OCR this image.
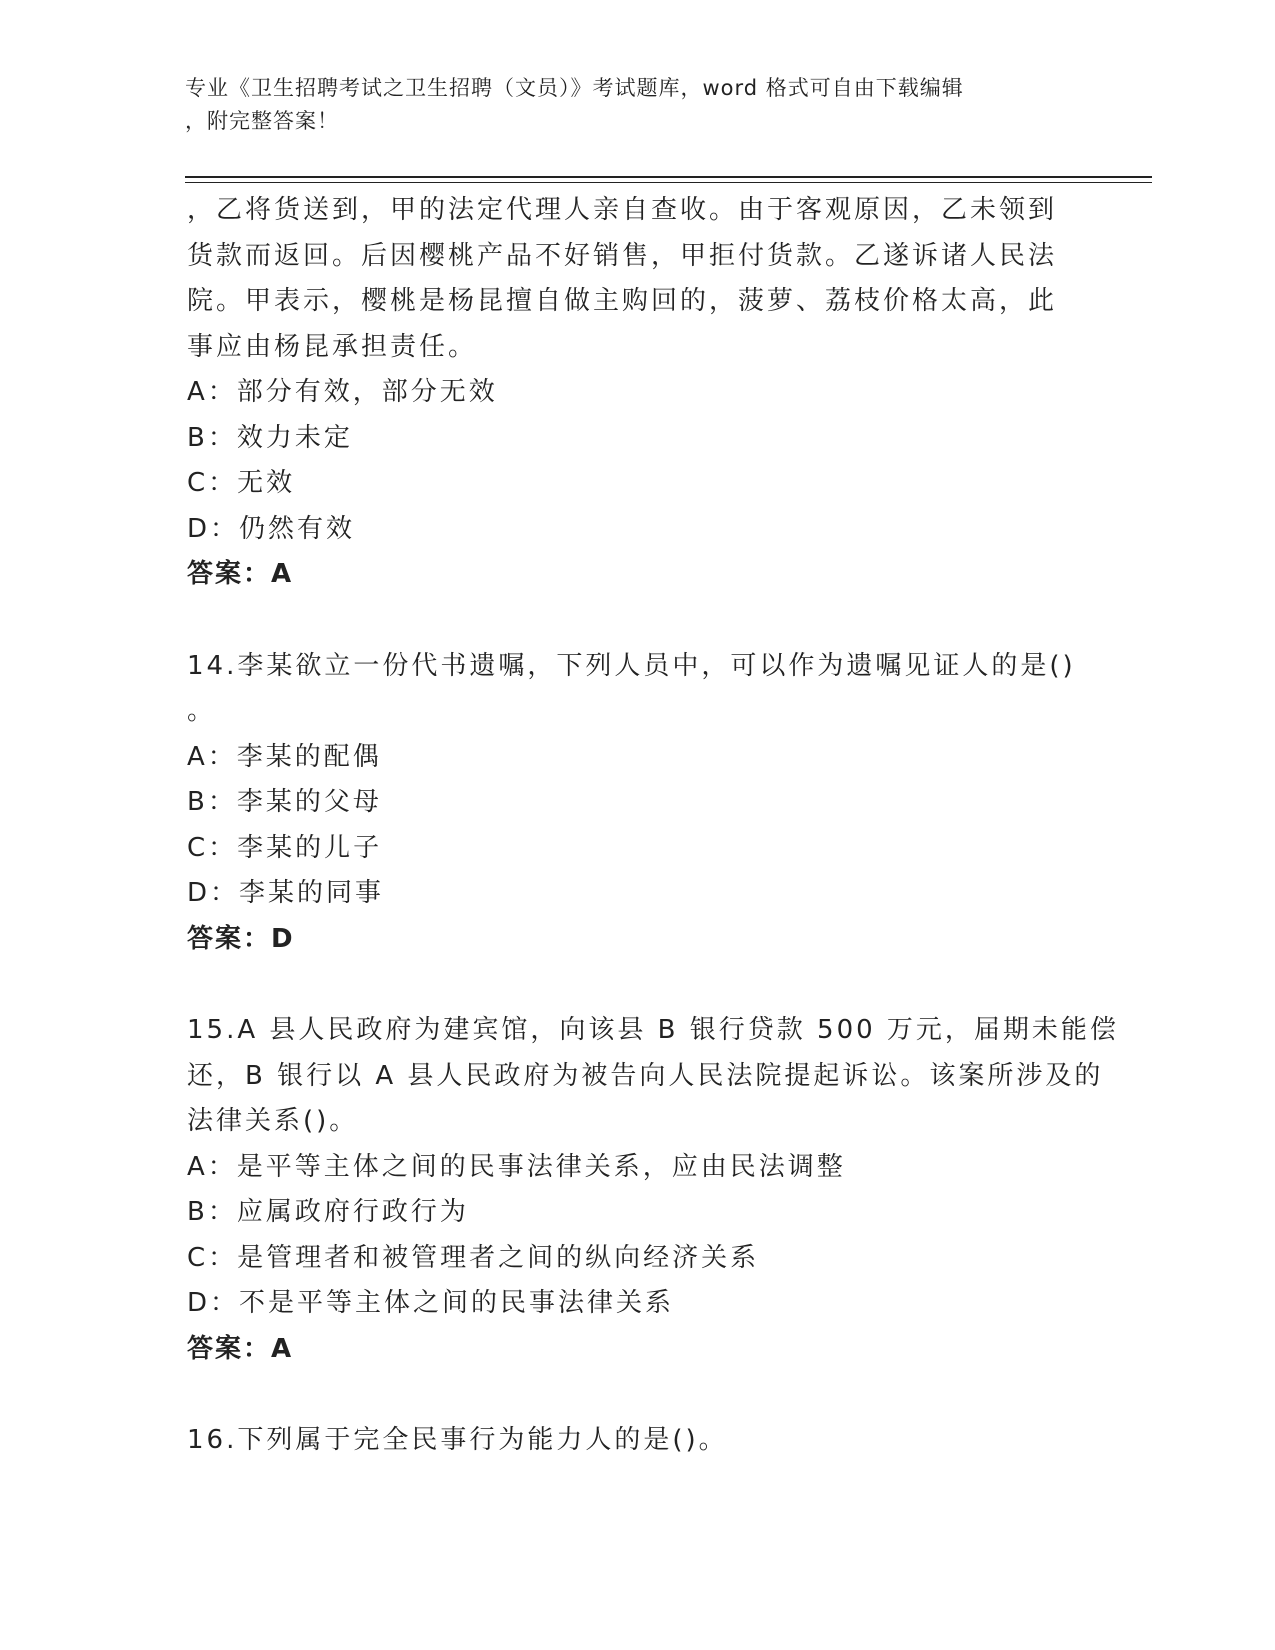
专业《卫生招聘考试之卫生招聘（文员）》考试题库，word 格式可自由下载编辑
，附完整答案！
，乙将货送到，甲的法定代理人亲自查收。由于客观原因，乙未领到
货款而返回。后因樱桃产品不好销售，甲拒付货款。乙遂诉诸人民法
院。甲表示，樱桃是杨昆擅自做主购回的，菠萝、荔枝价格太高，此
事应由杨昆承担责任。
A：部分有效，部分无效
B：效力未定
C：无效
D：仍然有效
答案：A
14.李某欲立一份代书遗嘱，下列人员中，可以作为遗嘱见证人的是()
。
A：李某的配偶
B：李某的父母
C：李某的儿子
D：李某的同事
答案：D
15.A 县人民政府为建宾馆，向该县 B 银行贷款 500 万元，届期未能偿
还，B 银行以 A 县人民政府为被告向人民法院提起诉讼。该案所涉及的
法律关系()。
A：是平等主体之间的民事法律关系，应由民法调整
B：应属政府行政行为
C：是管理者和被管理者之间的纵向经济关系
D：不是平等主体之间的民事法律关系
答案：A
16.下列属于完全民事行为能力人的是()。
